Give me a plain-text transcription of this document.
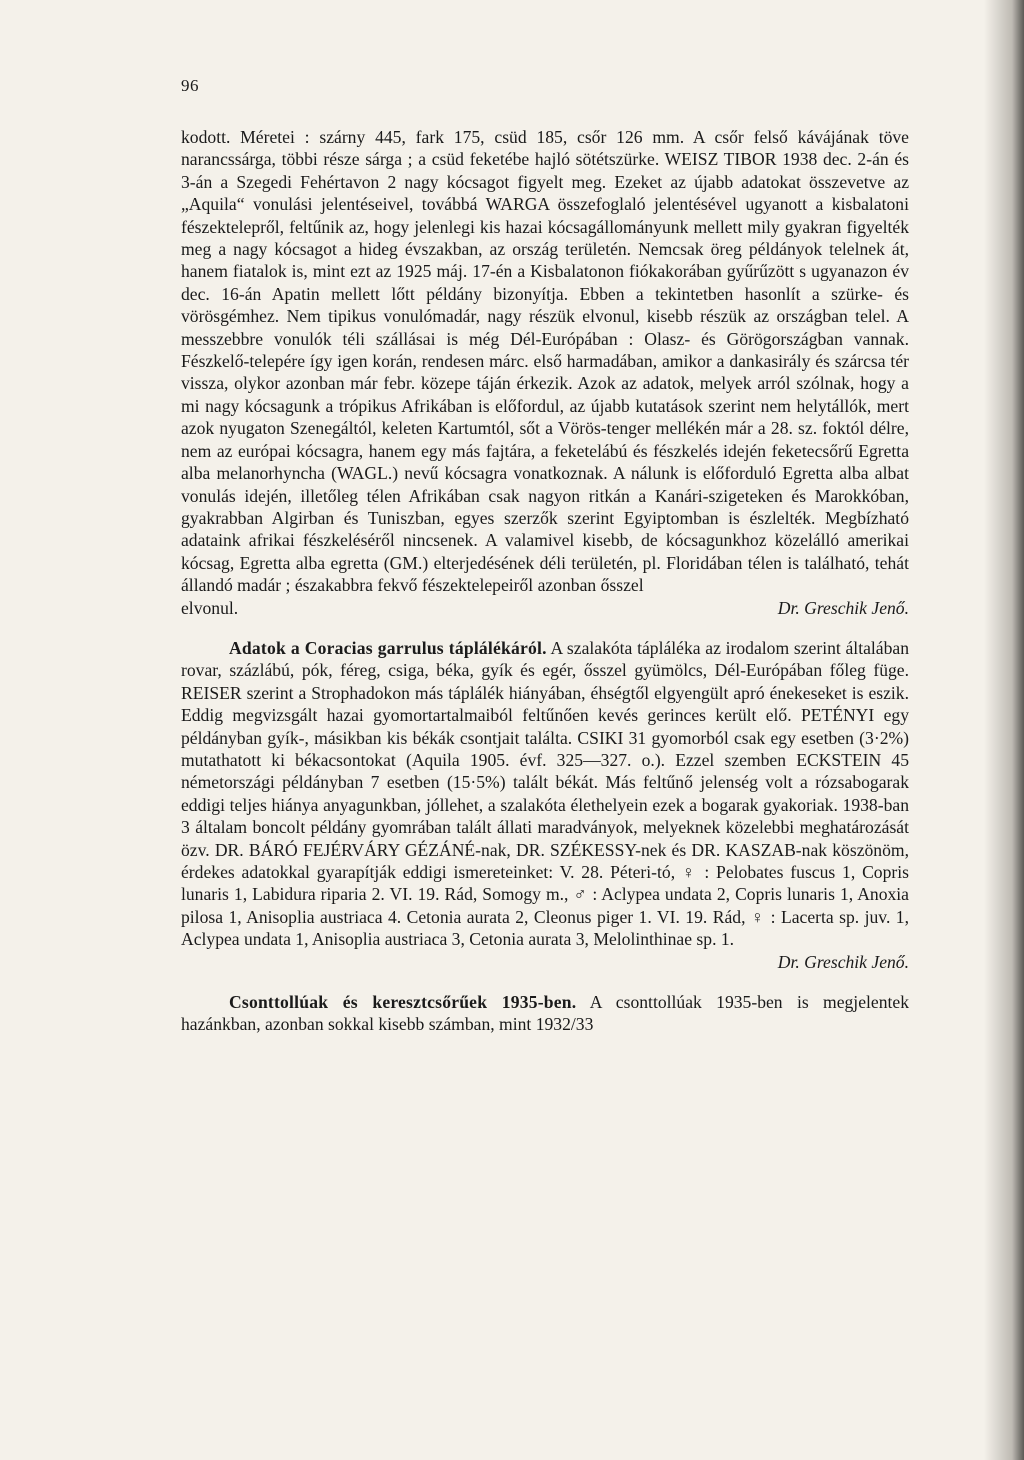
96

kodott. Méretei : szárny 445, fark 175, csüd 185, csőr 126 mm. A csőr felső kávájának töve narancssárga, többi része sárga ; a csüd feketébe hajló sötétszürke. WEISZ TIBOR 1938 dec. 2-án és 3-án a Szegedi Fehértavon 2 nagy kócsagot figyelt meg. Ezeket az újabb adatokat összevetve az „Aquila“ vonulási jelentéseivel, továbbá WARGA összefoglaló jelentésével ugyanott a kisbalatoni fészektelepről, feltűnik az, hogy jelenlegi kis hazai kócsagállományunk mellett mily gyakran figyelték meg a nagy kócsagot a hideg évszakban, az ország területén. Nemcsak öreg példányok telelnek át, hanem fiatalok is, mint ezt az 1925 máj. 17-én a Kisbalatonon fiókakorában gyűrűzött s ugyanazon év dec. 16-án Apatin mellett lőtt példány bizonyítja. Ebben a tekintetben hasonlít a szürke- és vörösgémhez. Nem tipikus vonulómadár, nagy részük elvonul, kisebb részük az országban telel. A messzebbre vonulók téli szállásai is még Dél-Európában : Olasz- és Görögországban vannak. Fészkelő-telepére így igen korán, rendesen márc. első harmadában, amikor a dankasirály és szárcsa tér vissza, olykor azonban már febr. közepe táján érkezik. Azok az adatok, melyek arról szólnak, hogy a mi nagy kócsagunk a trópikus Afrikában is előfordul, az újabb kutatások szerint nem helytállók, mert azok nyugaton Szenegáltól, keleten Kartumtól, sőt a Vörös-tenger mellékén már a 28. sz. foktól délre, nem az európai kócsagra, hanem egy más fajtára, a feketelábú és fészkelés idején feketecsőrű Egretta alba melanorhyncha (WAGL.) nevű kócsagra vonatkoznak. A nálunk is előforduló Egretta alba albat vonulás idején, illetőleg télen Afrikában csak nagyon ritkán a Kanári-szigeteken és Marokkóban, gyakrabban Algirban és Tuniszban, egyes szerzők szerint Egyiptomban is észlelték. Megbízható adataink afrikai fészkeléséről nincsenek. A valamivel kisebb, de kócsagunkhoz közelálló amerikai kócsag, Egretta alba egretta (GM.) elterjedésének déli területén, pl. Floridában télen is található, tehát állandó madár ; északabbra fekvő fészektelepeiről azonban ősszel

elvonul.	Dr. Greschik Jenő.

Adatok a Coracias garrulus táplálékáról. A szalakóta tápláléka az irodalom szerint általában rovar, százlábú, pók, féreg, csiga, béka, gyík és egér, ősszel gyümölcs, Dél-Európában főleg füge. REISER szerint a Strophadokon más táplálék hiányában, éhségtől elgyengült apró énekeseket is eszik. Eddig megvizsgált hazai gyomortartalmaiból feltűnően kevés gerinces került elő. PETÉNYI egy példányban gyík-, másikban kis békák csontjait találta. CSIKI 31 gyomorból csak egy esetben (3·2%) mutathatott ki békacsontokat (Aquila 1905. évf. 325—327. o.). Ezzel szemben ECKSTEIN 45 németországi példányban 7 esetben (15·5%) talált békát. Más feltűnő jelenség volt a rózsabogarak eddigi teljes hiánya anyagunkban, jóllehet, a szalakóta élethelyein ezek a bogarak gyakoriak. 1938-ban 3 általam boncolt példány gyomrában talált állati maradványok, melyeknek közelebbi meghatározását özv. DR. BÁRÓ FEJÉRVÁRY GÉZÁNÉ-nak, DR. SZÉKESSY-nek és DR. KASZAB-nak köszönöm, érdekes adatokkal gyarapítják eddigi ismereteinket: V. 28. Péteri-tó, ♀ : Pelobates fuscus 1, Copris lunaris 1, Labidura riparia 2. VI. 19. Rád, Somogy m., ♂ : Aclypea undata 2, Copris lunaris 1, Anoxia pilosa 1, Anisoplia austriaca 4. Cetonia aurata 2, Cleonus piger 1. VI. 19. Rád, ♀ : Lacerta sp. juv. 1, Aclypea undata 1, Anisoplia austriaca 3, Cetonia aurata 3, Melolinthinae sp. 1.

Dr. Greschik Jenő.

Csonttollúak és keresztcsőrűek 1935-ben. A csonttollúak 1935-ben is megjelentek hazánkban, azonban sokkal kisebb számban, mint 1932/33
